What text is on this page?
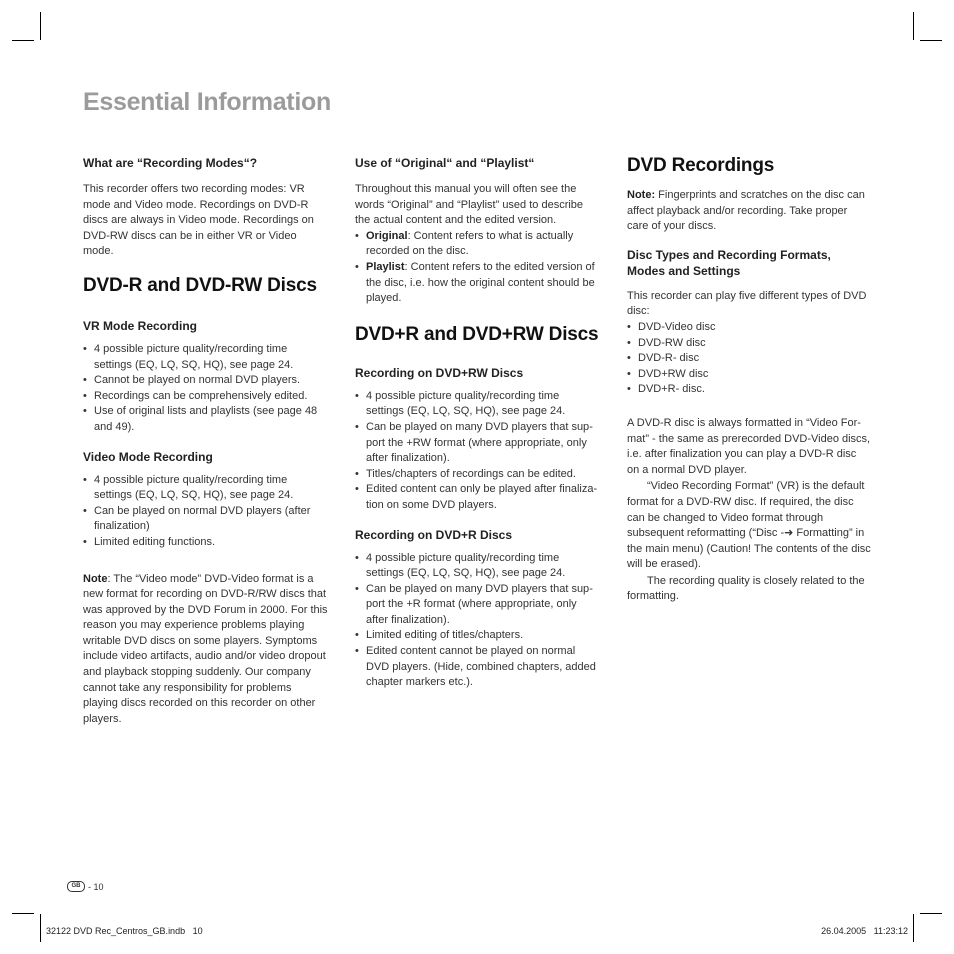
Essential Information

What are “Recording Modes“?

This recorder offers two recording modes: VR mode and Video mode. Recordings on DVD-R discs are always in Video mode. Recordings on DVD-RW discs can be in either VR or Video mode.

DVD-R and DVD-RW Discs

VR Mode Recording

• 4 possible picture quality/recording time settings (EQ, LQ, SQ, HQ), see page 24.
• Cannot be played on normal DVD players.
• Recordings can be comprehensively edited.
• Use of original lists and playlists (see page 48 and 49).

Video Mode Recording

• 4 possible picture quality/recording time settings (EQ, LQ, SQ, HQ), see page 24.
• Can be played on normal DVD players (after finalization)
• Limited editing functions.

Note: The “Video mode” DVD-Video format is a new format for recording on DVD-R/RW discs that was approved by the DVD Forum in 2000. For this reason you may experience problems playing writable DVD discs on some players. Symptoms include video artifacts, audio and/or video dropout and playback stopping suddenly. Our company cannot take any responsibility for problems playing discs recorded on this recorder on other players.

Use of “Original“ and “Playlist“

Throughout this manual you will often see the words “Original” and “Playlist” used to describe the actual content and the edited version.

• Original: Content refers to what is actually recorded on the disc.
• Playlist: Content refers to the edited version of the disc, i.e. how the original content should be played.

DVD+R and DVD+RW Discs

Recording on DVD+RW Discs

• 4 possible picture quality/recording time settings (EQ, LQ, SQ, HQ), see page 24.
• Can be played on many DVD players that support the +RW format (where appropriate, only after finalization).
• Titles/chapters of recordings can be edited.
• Edited content can only be played after finalization on some DVD players.

Recording on DVD+R Discs

• 4 possible picture quality/recording time settings (EQ, LQ, SQ, HQ), see page 24.
• Can be played on many DVD players that support the +R format (where appropriate, only after finalization).
• Limited editing of titles/chapters.
• Edited content cannot be played on normal DVD players. (Hide, combined chapters, added chapter markers etc.).

DVD Recordings

Note: Fingerprints and scratches on the disc can affect playback and/or recording. Take proper care of your discs.

Disc Types and Recording Formats, Modes and Settings

This recorder can play five different types of DVD disc:

• DVD-Video disc
• DVD-RW disc
• DVD-R- disc
• DVD+RW disc
• DVD+R- disc.

A DVD-R disc is always formatted in “Video Format” - the same as prerecorded DVD-Video discs, i.e. after finalization you can play a DVD-R disc on a normal DVD player.

“Video Recording Format” (VR) is the default format for a DVD-RW disc. If required, the disc can be changed to Video format through subsequent reformatting (“Disc -➜ Formatting” in the main menu) (Caution! The contents of the disc will be erased).

The recording quality is closely related to the formatting.

GB - 10
32122 DVD Rec_Centros_GB.indb   10	26.04.2005   11:23:12
